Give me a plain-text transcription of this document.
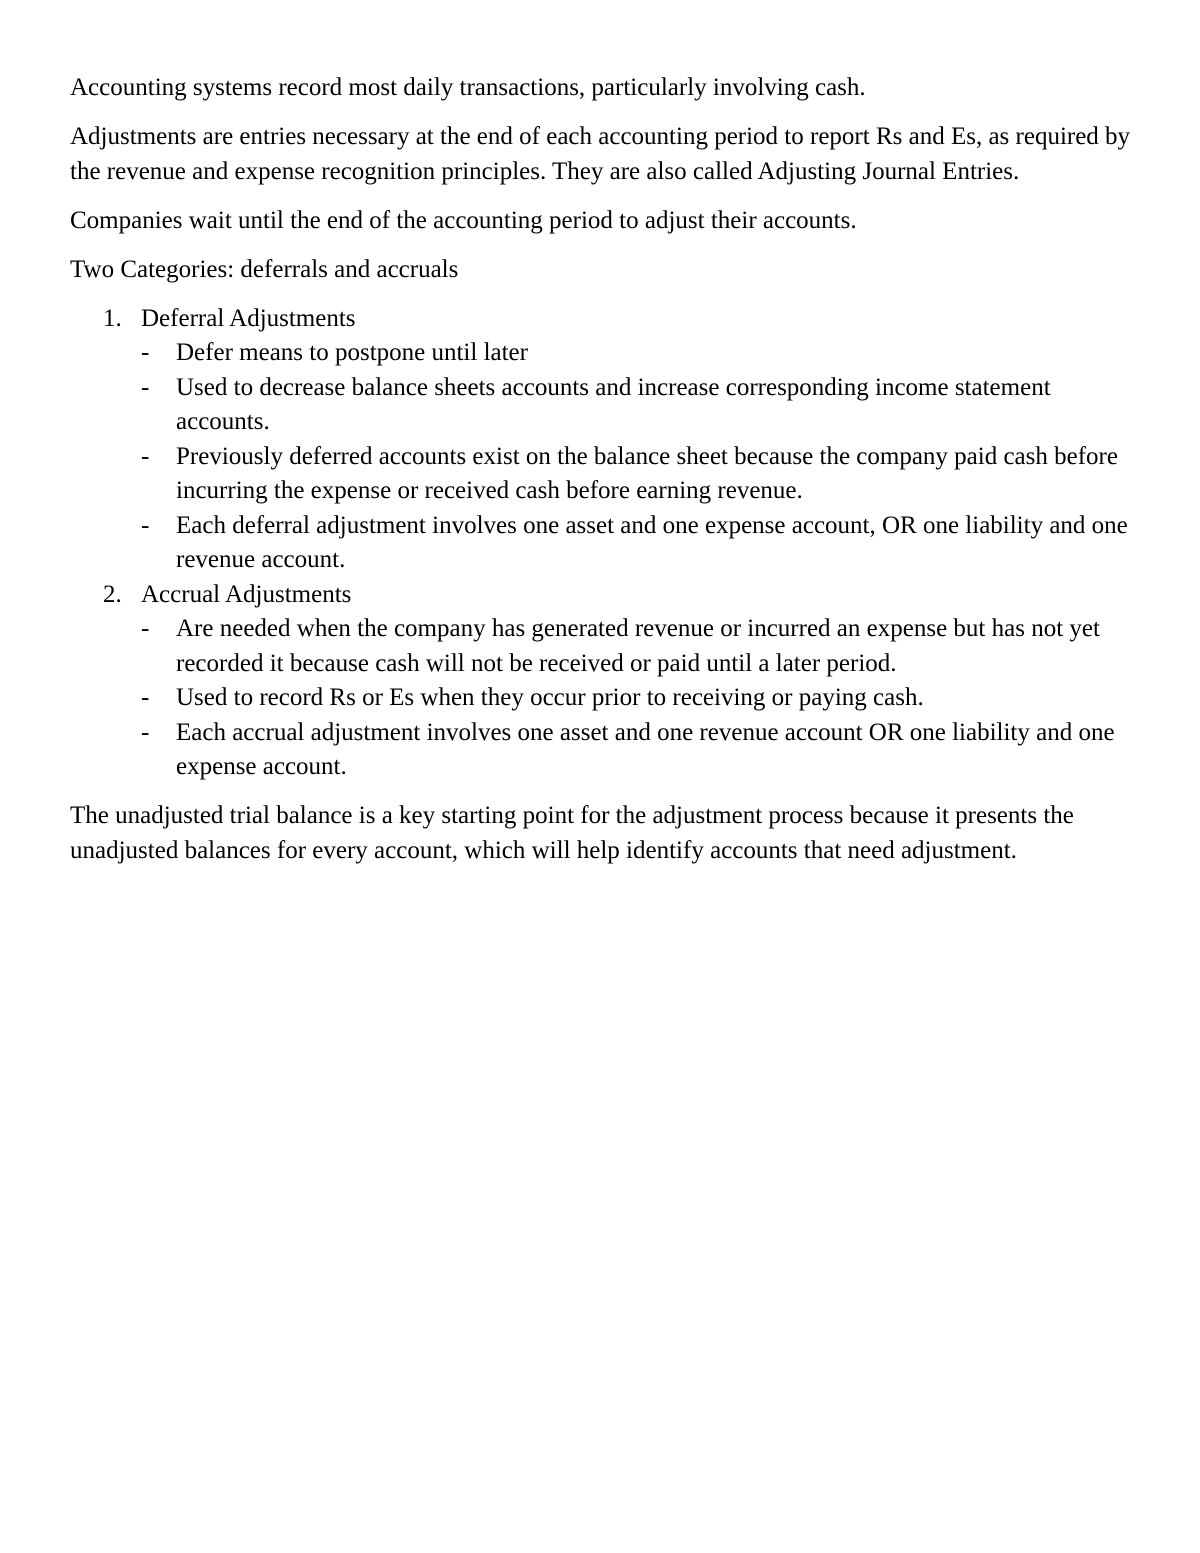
Accounting systems record most daily transactions, particularly involving cash.

Adjustments are entries necessary at the end of each accounting period to report Rs and Es, as required by the revenue and expense recognition principles. They are also called Adjusting Journal Entries.

Companies wait until the end of the accounting period to adjust their accounts.

Two Categories: deferrals and accruals

1. Deferral Adjustments
- Defer means to postpone until later
- Used to decrease balance sheets accounts and increase corresponding income statement accounts.
- Previously deferred accounts exist on the balance sheet because the company paid cash before incurring the expense or received cash before earning revenue.
- Each deferral adjustment involves one asset and one expense account, OR one liability and one revenue account.
2. Accrual Adjustments
- Are needed when the company has generated revenue or incurred an expense but has not yet recorded it because cash will not be received or paid until a later period.
- Used to record Rs or Es when they occur prior to receiving or paying cash.
- Each accrual adjustment involves one asset and one revenue account OR one liability and one expense account.

The unadjusted trial balance is a key starting point for the adjustment process because it presents the unadjusted balances for every account, which will help identify accounts that need adjustment.
